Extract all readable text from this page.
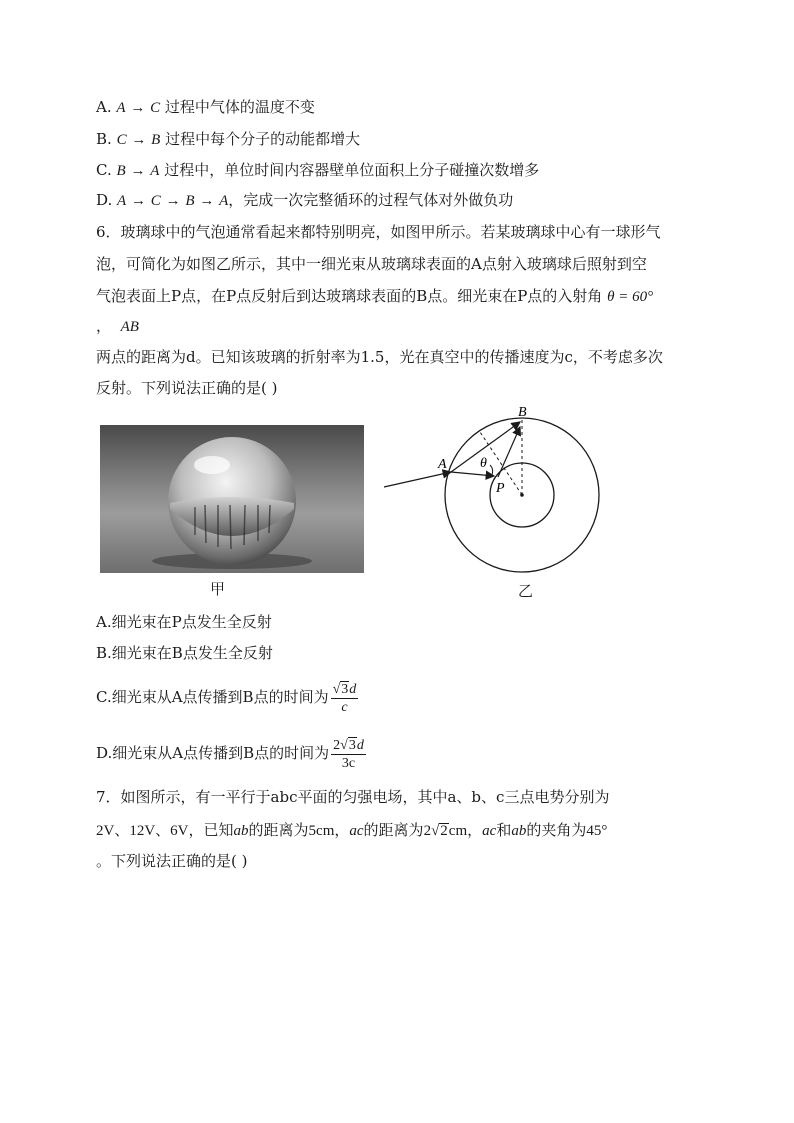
A. A → C 过程中气体的温度不变
B. C → B 过程中每个分子的动能都增大
C. B → A 过程中，单位时间内容器壁单位面积上分子碰撞次数增多
D. A → C → B → A，完成一次完整循环的过程气体对外做负功
6．玻璃球中的气泡通常看起来都特别明亮，如图甲所示。若某玻璃球中心有一球形气
泡，可简化为如图乙所示，其中一细光束从玻璃球表面的A点射入玻璃球后照射到空
气泡表面上P点，在P点反射后到达玻璃球表面的B点。细光束在P点的入射角 θ = 60°
， AB
两点的距离为d。已知该玻璃的折射率为1.5，光在真空中的传播速度为c，不考虑多次
反射。下列说法正确的是( )
甲
B
A θ
P
乙
A.细光束在P点发生全反射
B.细光束在B点发生全反射
C.细光束从A点传播到B点的时间为 $\frac{√3d}{c}$
D.细光束从A点传播到B点的时间为 $\frac{2√3d}{3c}$
7．如图所示，有一平行于abc平面的匀强电场，其中a、b、c三点电势分别为
2V、12V、6V，已知ab的距离为5cm，ac的距离为2√2cm，ac和ab的夹角为45°
。下列说法正确的是( )
